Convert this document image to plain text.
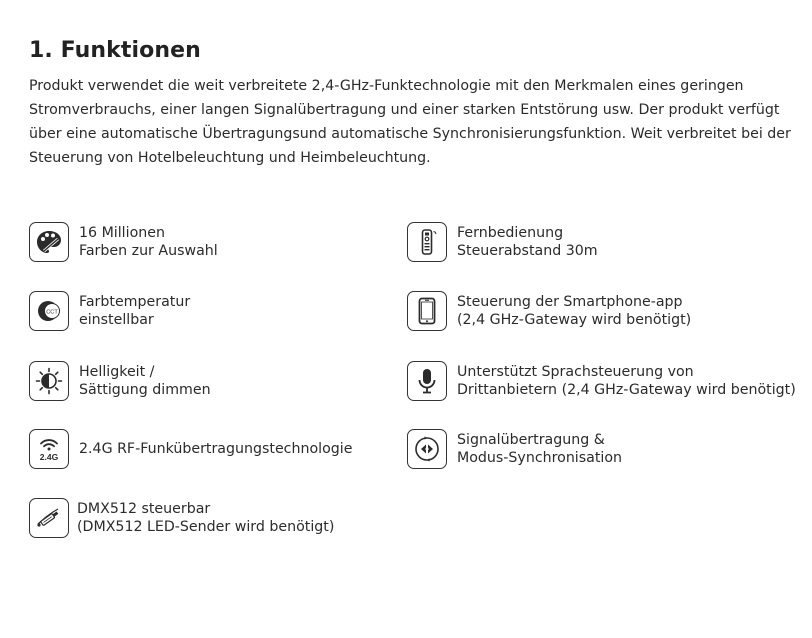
1. Funktionen

Produkt verwendet die weit verbreitete 2,4-GHz-Funktechnologie mit den Merkmalen eines geringen Stromverbrauchs, einer langen Signalübertragung und einer starken Entstörung usw. Der produkt verfügt über eine automatische Übertragungsund automatische Synchronisierungsfunktion. Weit verbreitet bei der Steuerung von Hotelbeleuchtung und Heimbeleuchtung.

16 Millionen
Farben zur Auswahl
Fernbedienung
Steuerabstand 30m
CCT
Farbtemperatur
einstellbar
Steuerung der Smartphone-app
(2,4 GHz-Gateway wird benötigt)
Helligkeit /
Sättigung dimmen
Unterstützt Sprachsteuerung von
Drittanbietern (2,4 GHz-Gateway wird benötigt)
2.4G 2.4G RF-Funkübertragungstechnologie
Signalübertragung &
Modus-Synchronisation
DMX512 steuerbar
(DMX512 LED-Sender wird benötigt)
